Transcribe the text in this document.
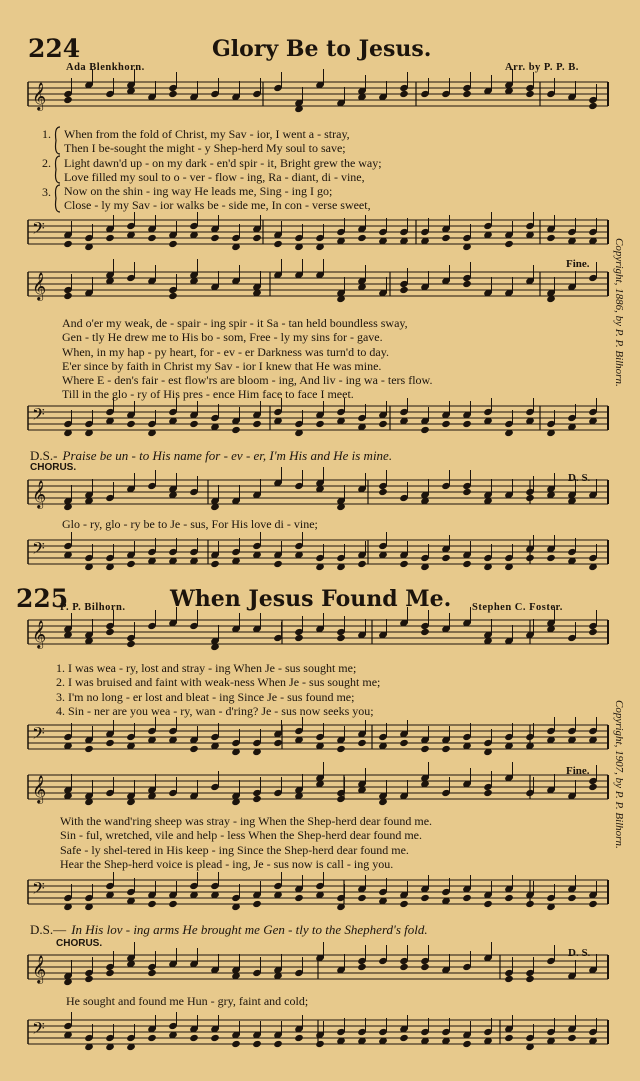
224	Glory Be to Jesus.
Ada Blenkhorn.	Arr. by P. P. B.
𝄞
𝄢
𝄞
𝄢
𝄞
𝄢
𝄞
𝄢
𝄞
𝄢
𝄞
𝄢
1.
2.
3.
When from the fold of Christ, my Sav - ior, I went a - stray,
Then I be-sought the might - y Shep-herd My soul to save;
Light dawn'd up - on my dark - en'd spir - it, Bright grew the way;
Love filled my soul to o - ver - flow - ing, Ra - diant, di - vine,
Now on the shin - ing way He leads me, Sing - ing I go;
Close - ly my Sav - ior walks be - side me, In con - verse sweet,
Fine.
And o'er my weak, de - spair - ing spir - it Sa - tan held boundless sway,
Gen - tly He drew me to His bo - som, Free - ly my sins for - gave.
When, in my hap - py heart, for - ev - er Darkness was turn'd to day.
E'er since by faith in Christ my Sav - ior I knew that He was mine.
Where E - den's fair - est flow'rs are bloom - ing, And liv - ing wa - ters flow.
Till in the glo - ry of His pres - ence Him face to face I meet.
D.S.- Praise be un - to His name for - ev - er, I'm His and He is mine.
CHORUS.
D. S.
Glo - ry, glo - ry be to Je - sus, For His love di - vine;
Copyright, 1886, by P. P. Bilhorn.
225	When Jesus Found Me.
P. P. Bilhorn.	Stephen C. Foster.
1. I was wea - ry, lost and stray - ing When Je - sus sought me;
2. I was bruised and faint with weak-ness When Je - sus sought me;
3. I'm no long - er lost and bleat - ing Since Je - sus found me;
4. Sin - ner are you wea - ry, wan - d'ring? Je - sus now seeks you;
Fine.
With the wand'ring sheep was stray - ing When the Shep-herd dear found me.
Sin - ful, wretched, vile and help - less When the Shep-herd dear found me.
Safe - ly shel-tered in His keep - ing Since the Shep-herd dear found me.
Hear the Shep-herd voice is plead - ing, Je - sus now is call - ing you.
D.S.— In His lov - ing arms He brought me Gen - tly to the Shepherd's fold.
CHORUS.
D. S.
He sought and found me Hun - gry, faint and cold;
Copyright, 1907, by P. P. Bilhorn.
